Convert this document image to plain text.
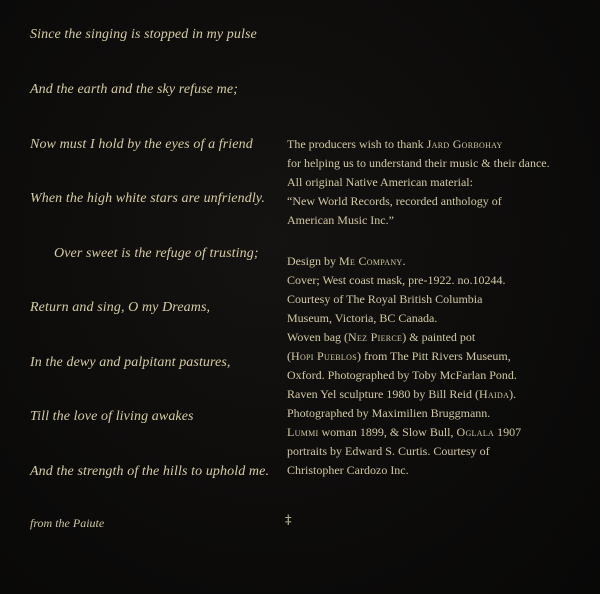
Since the singing is stopped in my pulse
And the earth and the sky refuse me;
Now must I hold by the eyes of a friend
When the high white stars are unfriendly.
Over sweet is the refuge of trusting;
Return and sing, O my Dreams,
In the dewy and palpitant pastures,
Till the love of living awakes
And the strength of the hills to uphold me.
from the Paiute
The producers wish to thank Jard Gorbohay
for helping us to understand their music & their dance.
All original Native American material:
“New World Records, recorded anthology of
American Music Inc.”
Design by Me Company.
Cover; West coast mask, pre-1922. no.10244.
Courtesy of The Royal British Columbia
Museum, Victoria, BC Canada.
Woven bag (Nez Pierce) & painted pot
(Hopi Pueblos) from The Pitt Rivers Museum,
Oxford. Photographed by Toby McFarlan Pond.
Raven Yel sculpture 1980 by Bill Reid (Haida).
Photographed by Maximilien Bruggmann.
Lummi woman 1899, & Slow Bull, Oglala 1907
portraits by Edward S. Curtis. Courtesy of
Christopher Cardozo Inc.
‡
